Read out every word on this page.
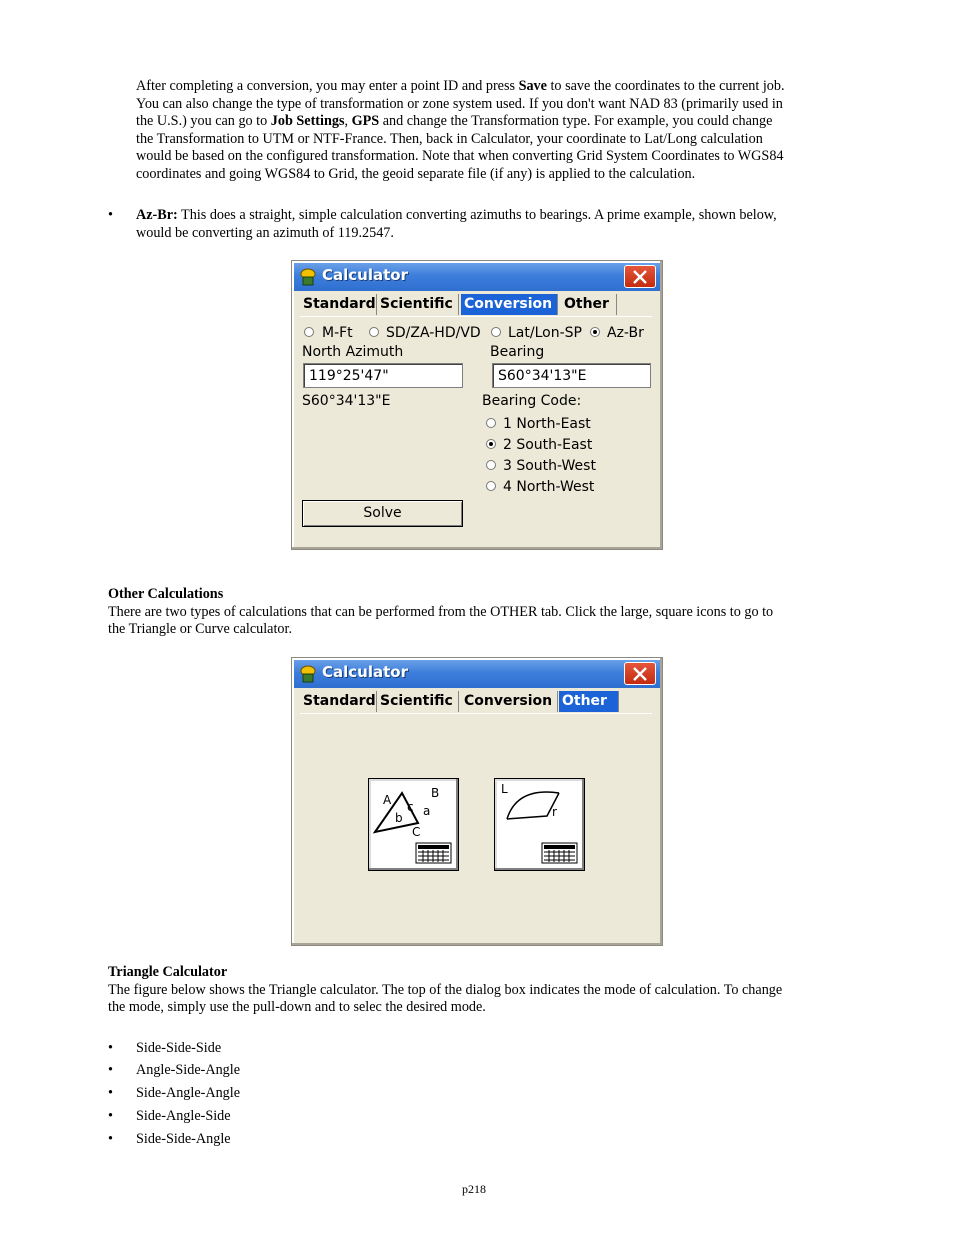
After completing a conversion, you may enter a point ID and press Save to save the coordinates to the current job.

You can also change the type of transformation or zone system used. If you don't want NAD 83 (primarily used in

the U.S.) you can go to Job Settings, GPS and change the Transformation type. For example, you could change

the Transformation to UTM or NTF-France. Then, back in Calculator, your coordinate to Lat/Long calculation

would be based on the configured transformation. Note that when converting Grid System Coordinates to WGS84

coordinates and going WGS84 to Grid, the geoid separate file (if any) is applied to the calculation.

• Az-Br: This does a straight, simple calculation converting azimuths to bearings. A prime example, shown below,
would be converting an azimuth of 119.2547.
Calculator
Standard Scientific Conversion Other
M-Ft SD/ZA-HD/VD Lat/Lon-SP Az-Br
North Azimuth
119°25'47"
Bearing
S60°34'13"E
S60°34'13"E	Bearing Code:
1 North-East
2 South-East
3 South-West
4 North-West
Solve

Other Calculations

There are two types of calculations that can be performed from the OTHER tab. Click the large, square icons to go to

the Triangle or Curve calculator.

Calculator
Standard Scientific Conversion Other
A	B
c a
b
C
L
r

Triangle Calculator

The figure below shows the Triangle calculator. The top of the dialog box indicates the mode of calculation. To change

the mode, simply use the pull-down and to selec the desired mode.

• Side-Side-Side
• Angle-Side-Angle
• Side-Angle-Angle
• Side-Angle-Side
• Side-Side-Angle
p218
